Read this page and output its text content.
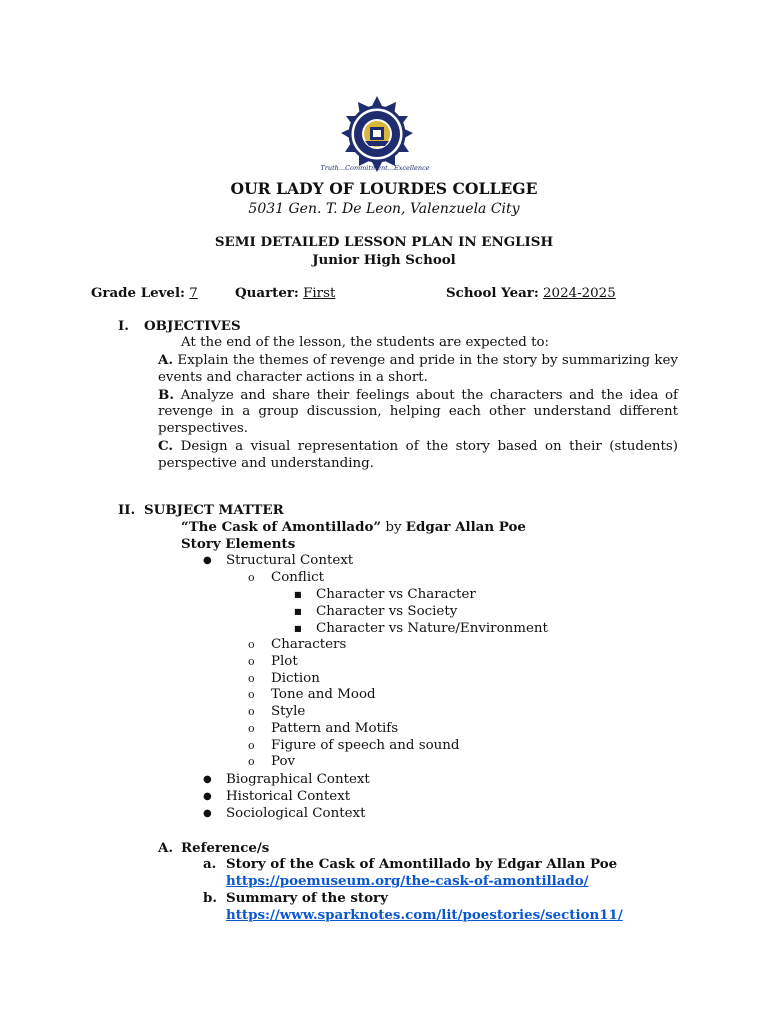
Truth...Commitment...Excellence
OUR LADY OF LOURDES COLLEGE
5031 Gen. T. De Leon, Valenzuela City
SEMI DETAILED LESSON PLAN IN ENGLISH
Junior High School
Grade Level: 7	Quarter: First	School Year: 2024-2025
I. OBJECTIVES
At the end of the lesson, the students are expected to:

A. Explain the themes of revenge and pride in the story by summarizing key events and character actions in a short.

B. Analyze and share their feelings about the characters and the idea of revenge in a group discussion, helping each other understand different perspectives.

C. Design a visual representation of the story based on their (students) perspective and understanding.

II. SUBJECT MATTER
“The Cask of Amontillado” by Edgar Allan Poe
Story Elements
● Structural Context
o Conflict
■ Character vs Character
■ Character vs Society
■ Character vs Nature/Environment
o Characters
o Plot
o Diction
o Tone and Mood
o Style
o Pattern and Motifs
o Figure of speech and sound
o Pov
● Biographical Context
● Historical Context
● Sociological Context
A. Reference/s
a. Story of the Cask of Amontillado by Edgar Allan Poe
https://poemuseum.org/the-cask-of-amontillado/
b. Summary of the story
https://www.sparknotes.com/lit/poestories/section11/
